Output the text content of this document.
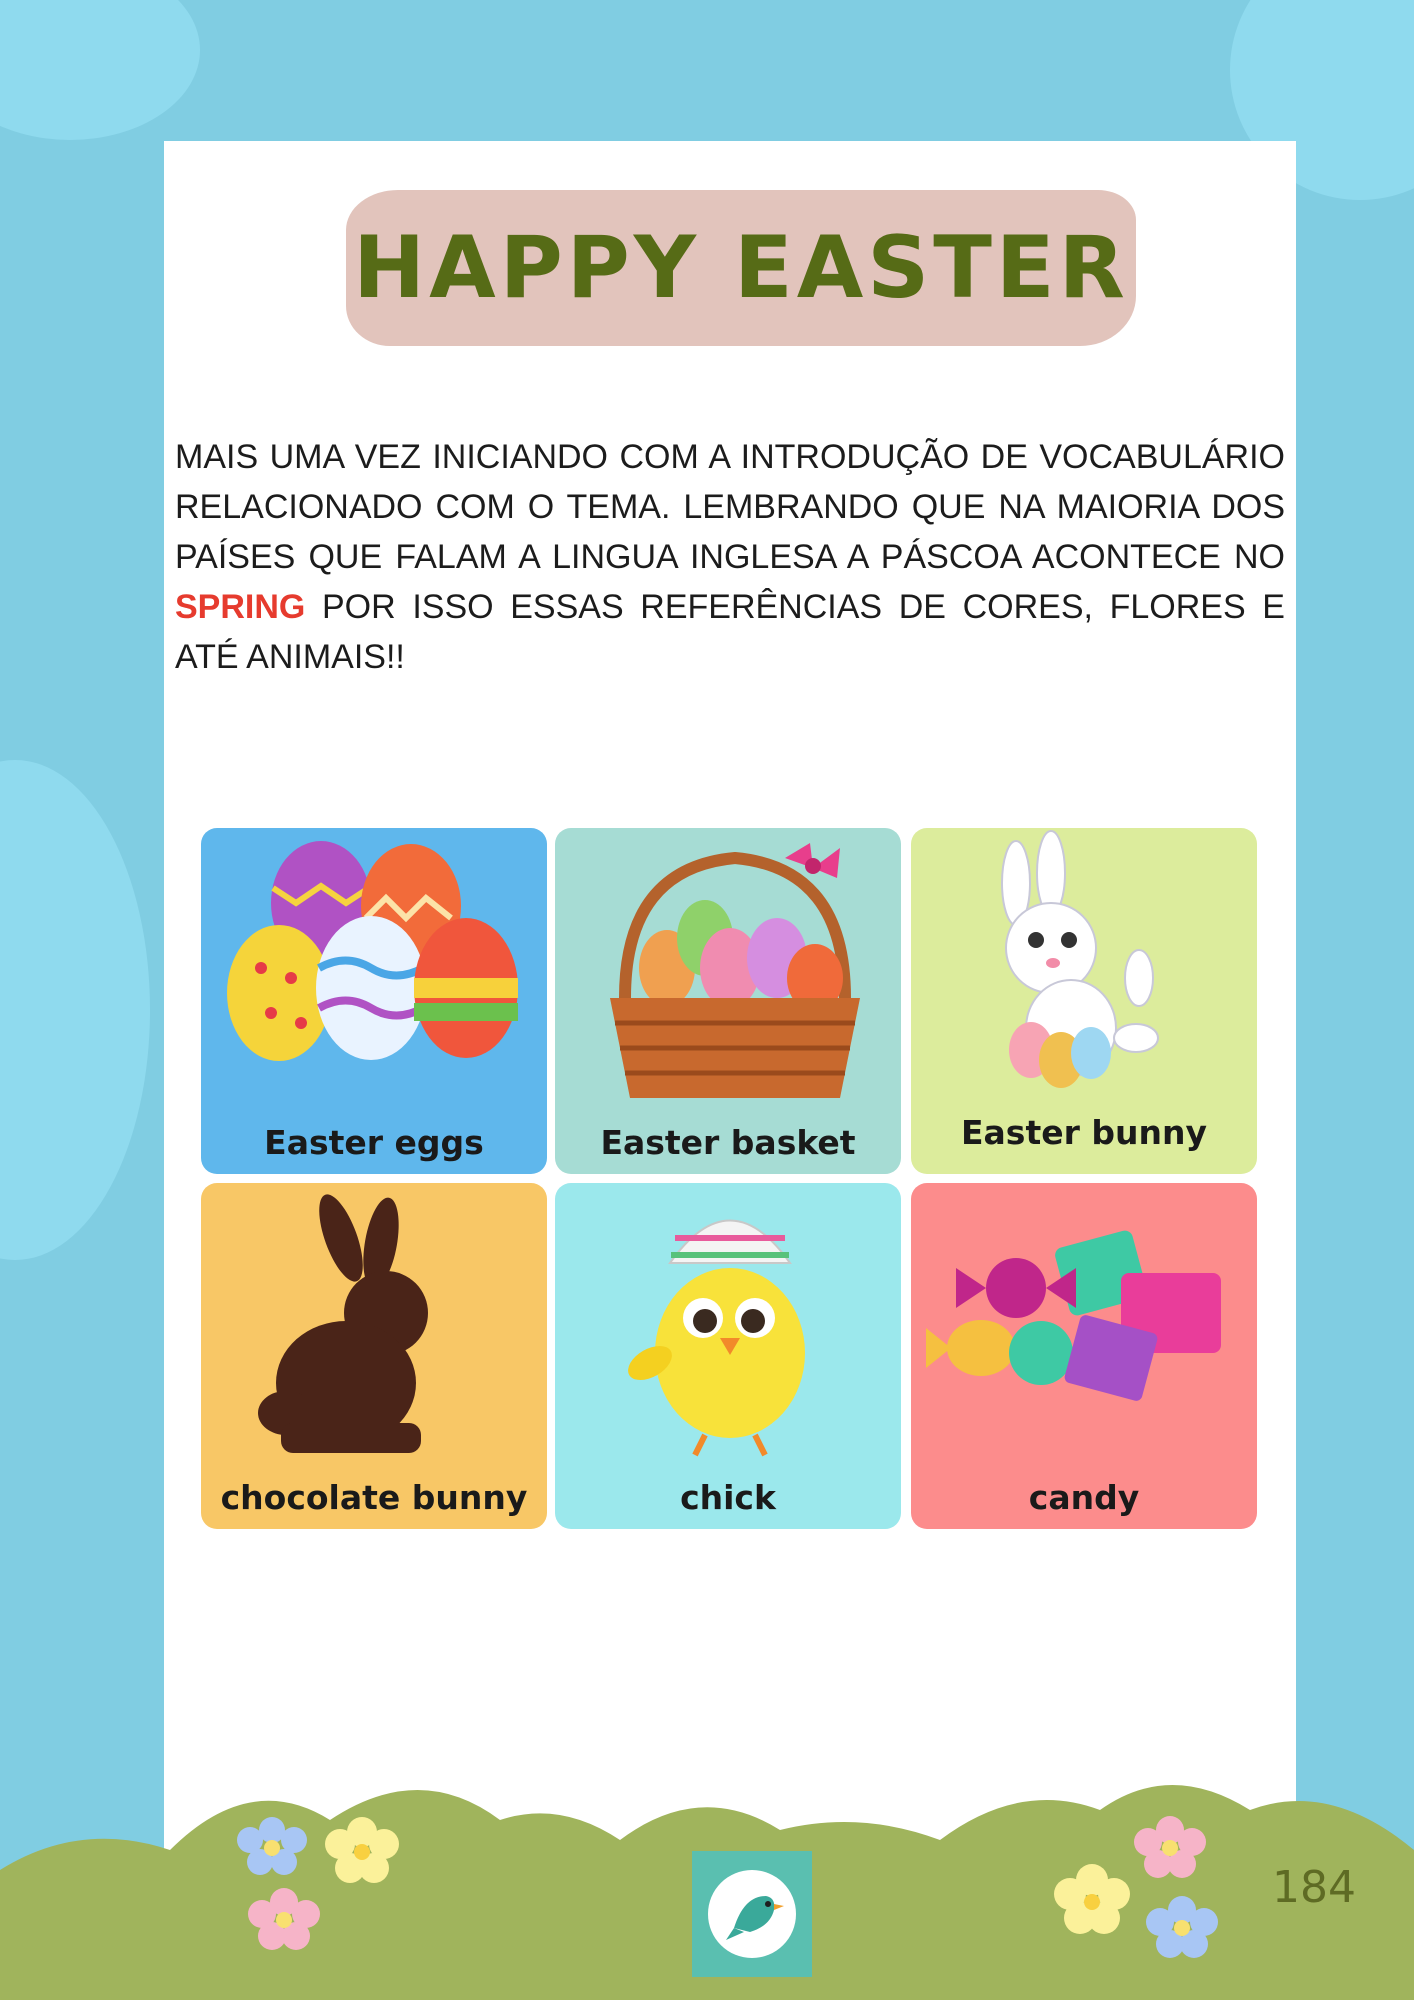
HAPPY EASTER

MAIS UMA VEZ INICIANDO COM A INTRODUÇÃO DE VOCABULÁRIO RELACIONADO COM O TEMA. LEMBRANDO QUE NA MAIORIA DOS PAÍSES QUE FALAM A LINGUA INGLESA A PÁSCOA ACONTECE NO SPRING POR ISSO ESSAS REFERÊNCIAS DE CORES, FLORES E ATÉ ANIMAIS!!

Easter eggs	Easter basket	Easter bunny
chocolate bunny	chick	candy
184
